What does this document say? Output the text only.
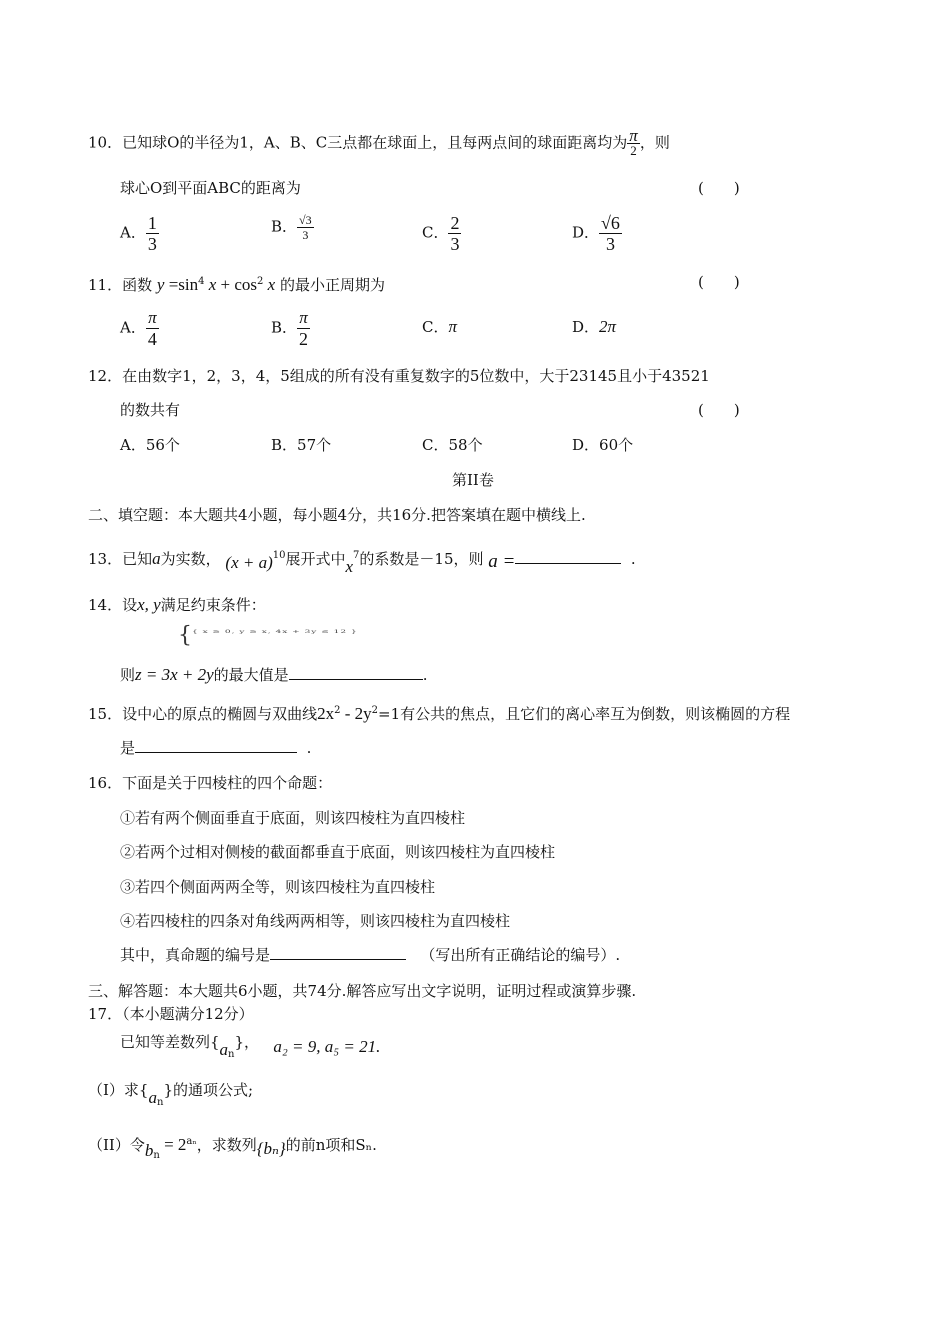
10．已知球O的半径为1，A、B、C三点都在球面上，且每两点间的球面距离均为 $\frac{\pi}{2}$ ，则
球心O到平面ABC的距离为	(　　)
A． $\frac{1}{3}$	B． $\frac{√3}{3}$	C． $\frac{2}{3}$	D． $\frac{√6}{3}$
11．函数 $y =\sin^4$ $x + \cos^2 x$ 的最小正周期为	(　　)
A． $\frac{\pi}{4}$	B． $\frac{\pi}{2}$	C．π	D．2π
12．在由数字1，2，3，4，5组成的所有没有重复数字的5位数中，大于23145且小于43521
的数共有	(　　)
A．56个	B．57个	C．58个	D．60个
第II卷
二、填空题：本大题共4小题，每小题4分，共16分.把答案填在题中横线上.
13．已知a为实数， $(x + a)^{10}$展开式中$x^7$的系数是－15，则 a =	.
14．设x, y满足约束条件：
{ { x ≥ 0, y ≥ x, 4x + 3y ≤ 12 }
则z = 3x + 2y的最大值是	.
15．设中心的原点的椭圆与双曲线$2x^2 - 2y^2=1$有公共的焦点，且它们的离心率互为倒数，则该椭圆的方程
是	.
16．下面是关于四棱柱的四个命题：
①若有两个侧面垂直于底面，则该四棱柱为直四棱柱
②若两个过相对侧棱的截面都垂直于底面，则该四棱柱为直四棱柱
③若四个侧面两两全等，则该四棱柱为直四棱柱
④若四棱柱的四条对角线两两相等，则该四棱柱为直四棱柱
其中，真命题的编号是	（写出所有正确结论的编号）.
三、解答题：本大题共6小题，共74分.解答应写出文字说明，证明过程或演算步骤.
17．（本小题满分12分）
已知等差数列$\{a_n\}$， a₂ = 9, a₅ = 21.
（I）求$\{a_n\}$的通项公式;
（II）令$b_n = 2^{a_n}$，求数列{bₙ}的前n项和Sₙ.
